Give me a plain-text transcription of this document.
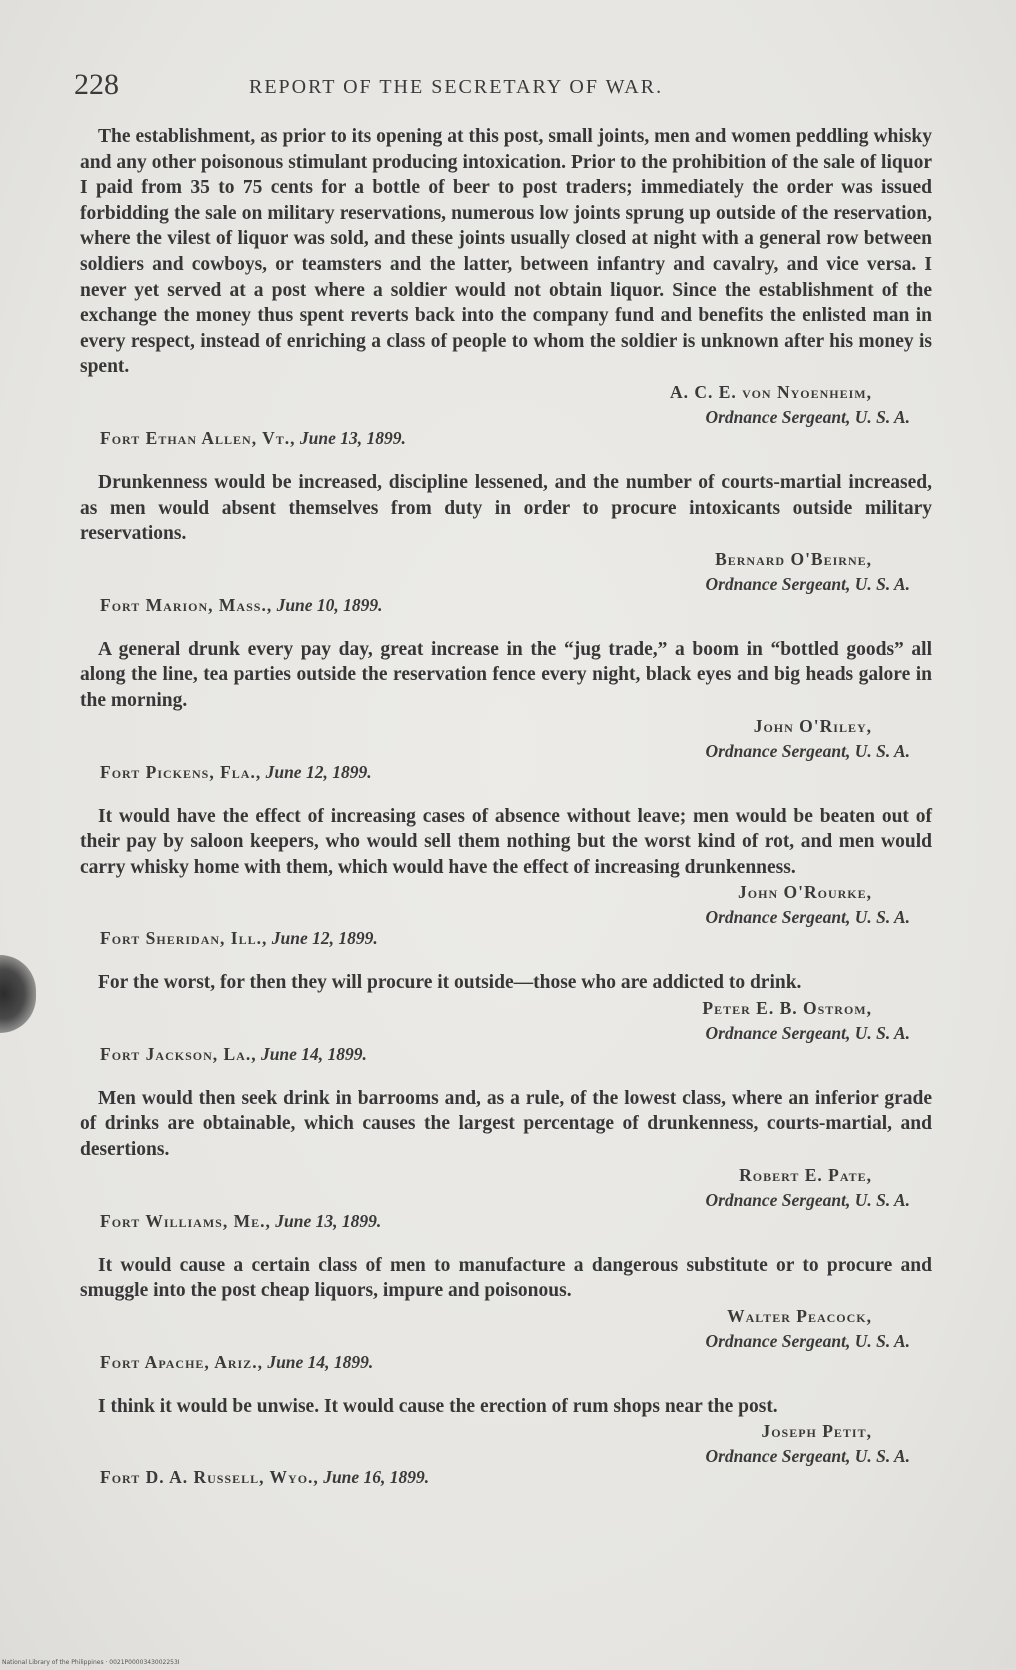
228	REPORT OF THE SECRETARY OF WAR.

The establishment, as prior to its opening at this post, small joints, men and women peddling whisky and any other poisonous stimulant producing intoxication. Prior to the prohibition of the sale of liquor I paid from 35 to 75 cents for a bottle of beer to post traders; immediately the order was issued forbidding the sale on military reservations, numerous low joints sprung up outside of the reservation, where the vilest of liquor was sold, and these joints usually closed at night with a general row between soldiers and cowboys, or teamsters and the latter, between infantry and cavalry, and vice versa. I never yet served at a post where a soldier would not obtain liquor. Since the establishment of the exchange the money thus spent reverts back into the company fund and benefits the enlisted man in every respect, instead of enriching a class of people to whom the soldier is unknown after his money is spent.

A. C. E. von Nyoenheim,
Ordnance Sergeant, U. S. A.
Fort Ethan Allen, Vt., June 13, 1899.

Drunkenness would be increased, discipline lessened, and the number of courts-martial increased, as men would absent themselves from duty in order to procure intoxicants outside military reservations.

Bernard O'Beirne,
Ordnance Sergeant, U. S. A.
Fort Marion, Mass., June 10, 1899.

A general drunk every pay day, great increase in the “jug trade,” a boom in “bottled goods” all along the line, tea parties outside the reservation fence every night, black eyes and big heads galore in the morning.

John O'Riley,
Ordnance Sergeant, U. S. A.
Fort Pickens, Fla., June 12, 1899.

It would have the effect of increasing cases of absence without leave; men would be beaten out of their pay by saloon keepers, who would sell them nothing but the worst kind of rot, and men would carry whisky home with them, which would have the effect of increasing drunkenness.

John O'Rourke,
Ordnance Sergeant, U. S. A.
Fort Sheridan, Ill., June 12, 1899.

For the worst, for then they will procure it outside—those who are addicted to drink.

Peter E. B. Ostrom,
Ordnance Sergeant, U. S. A.
Fort Jackson, La., June 14, 1899.

Men would then seek drink in barrooms and, as a rule, of the lowest class, where an inferior grade of drinks are obtainable, which causes the largest percentage of drunkenness, courts-martial, and desertions.

Robert E. Pate,
Ordnance Sergeant, U. S. A.
Fort Williams, Me., June 13, 1899.

It would cause a certain class of men to manufacture a dangerous substitute or to procure and smuggle into the post cheap liquors, impure and poisonous.

Walter Peacock,
Ordnance Sergeant, U. S. A.
Fort Apache, Ariz., June 14, 1899.

I think it would be unwise. It would cause the erection of rum shops near the post.

Joseph Petit,
Ordnance Sergeant, U. S. A.
Fort D. A. Russell, Wyo., June 16, 1899.
National Library of the Philippines · 0021P0000343002253I
